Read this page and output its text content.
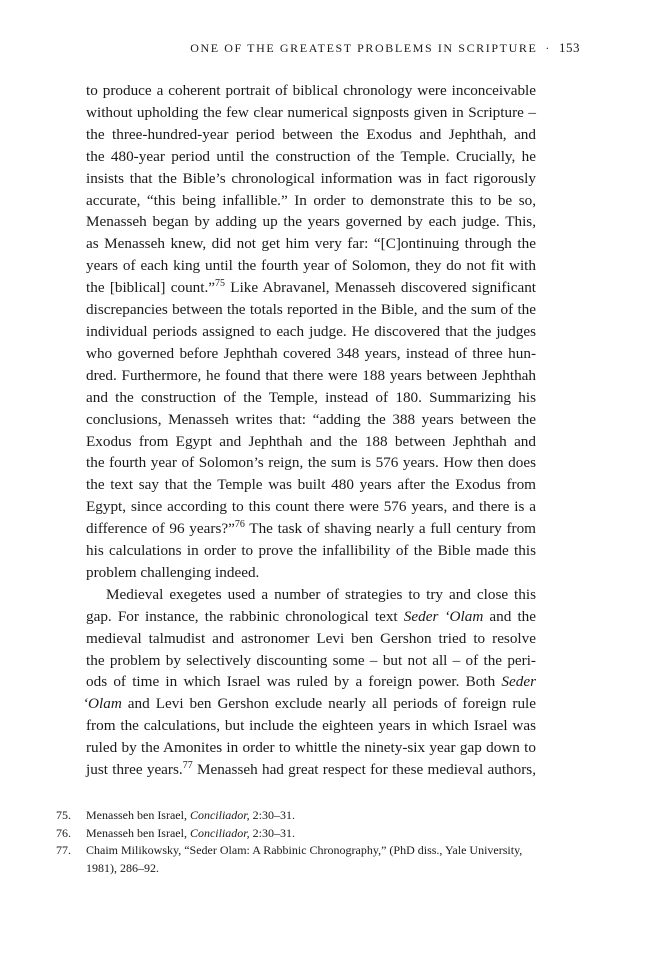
ONE OF THE GREATEST PROBLEMS IN SCRIPTURE · 153
to produce a coherent portrait of biblical chronology were inconceivable
without upholding the few clear numerical signposts given in Scripture –
the three-hundred-year period between the Exodus and Jephthah, and
the 480-year period until the construction of the Temple. Crucially, he
insists that the Bible’s chronological information was in fact rigorously
accurate, “this being infallible.” In order to demonstrate this to be so,
Menasseh began by adding up the years governed by each judge. This,
as Menasseh knew, did not get him very far: “[C]ontinuing through the
years of each king until the fourth year of Solomon, they do not fit with
the [biblical] count.”$^{75}$ Like Abravanel, Menasseh discovered significant
discrepancies between the totals reported in the Bible, and the sum of the
individual periods assigned to each judge. He discovered that the judges
who governed before Jephthah covered 348 years, instead of three hun-
dred. Furthermore, he found that there were 188 years between Jephthah
and the construction of the Temple, instead of 180. Summarizing his
conclusions, Menasseh writes that: “adding the 388 years between the
Exodus from Egypt and Jephthah and the 188 between Jephthah and
the fourth year of Solomon’s reign, the sum is 576 years. How then does
the text say that the Temple was built 480 years after the Exodus from
Egypt, since according to this count there were 576 years, and there is a
difference of 96 years?”$^{76}$ The task of shaving nearly a full century from
his calculations in order to prove the infallibility of the Bible made this
problem challenging indeed.
Medieval exegetes used a number of strategies to try and close this
gap. For instance, the rabbinic chronological text Seder ‘Olam and the
medieval talmudist and astronomer Levi ben Gershon tried to resolve
the problem by selectively discounting some – but not all – of the peri-
ods of time in which Israel was ruled by a foreign power. Both Seder
‘Olam and Levi ben Gershon exclude nearly all periods of foreign rule
from the calculations, but include the eighteen years in which Israel was
ruled by the Amonites in order to whittle the ninety-six year gap down to
just three years.$^{77}$ Menasseh had great respect for these medieval authors,
75.	Menasseh ben Israel, Conciliador, 2:30–31.
76.	Menasseh ben Israel, Conciliador, 2:30–31.
77.	Chaim Milikowsky, “Seder Olam: A Rabbinic Chronography,” (PhD diss., Yale University, 1981), 286–92.
